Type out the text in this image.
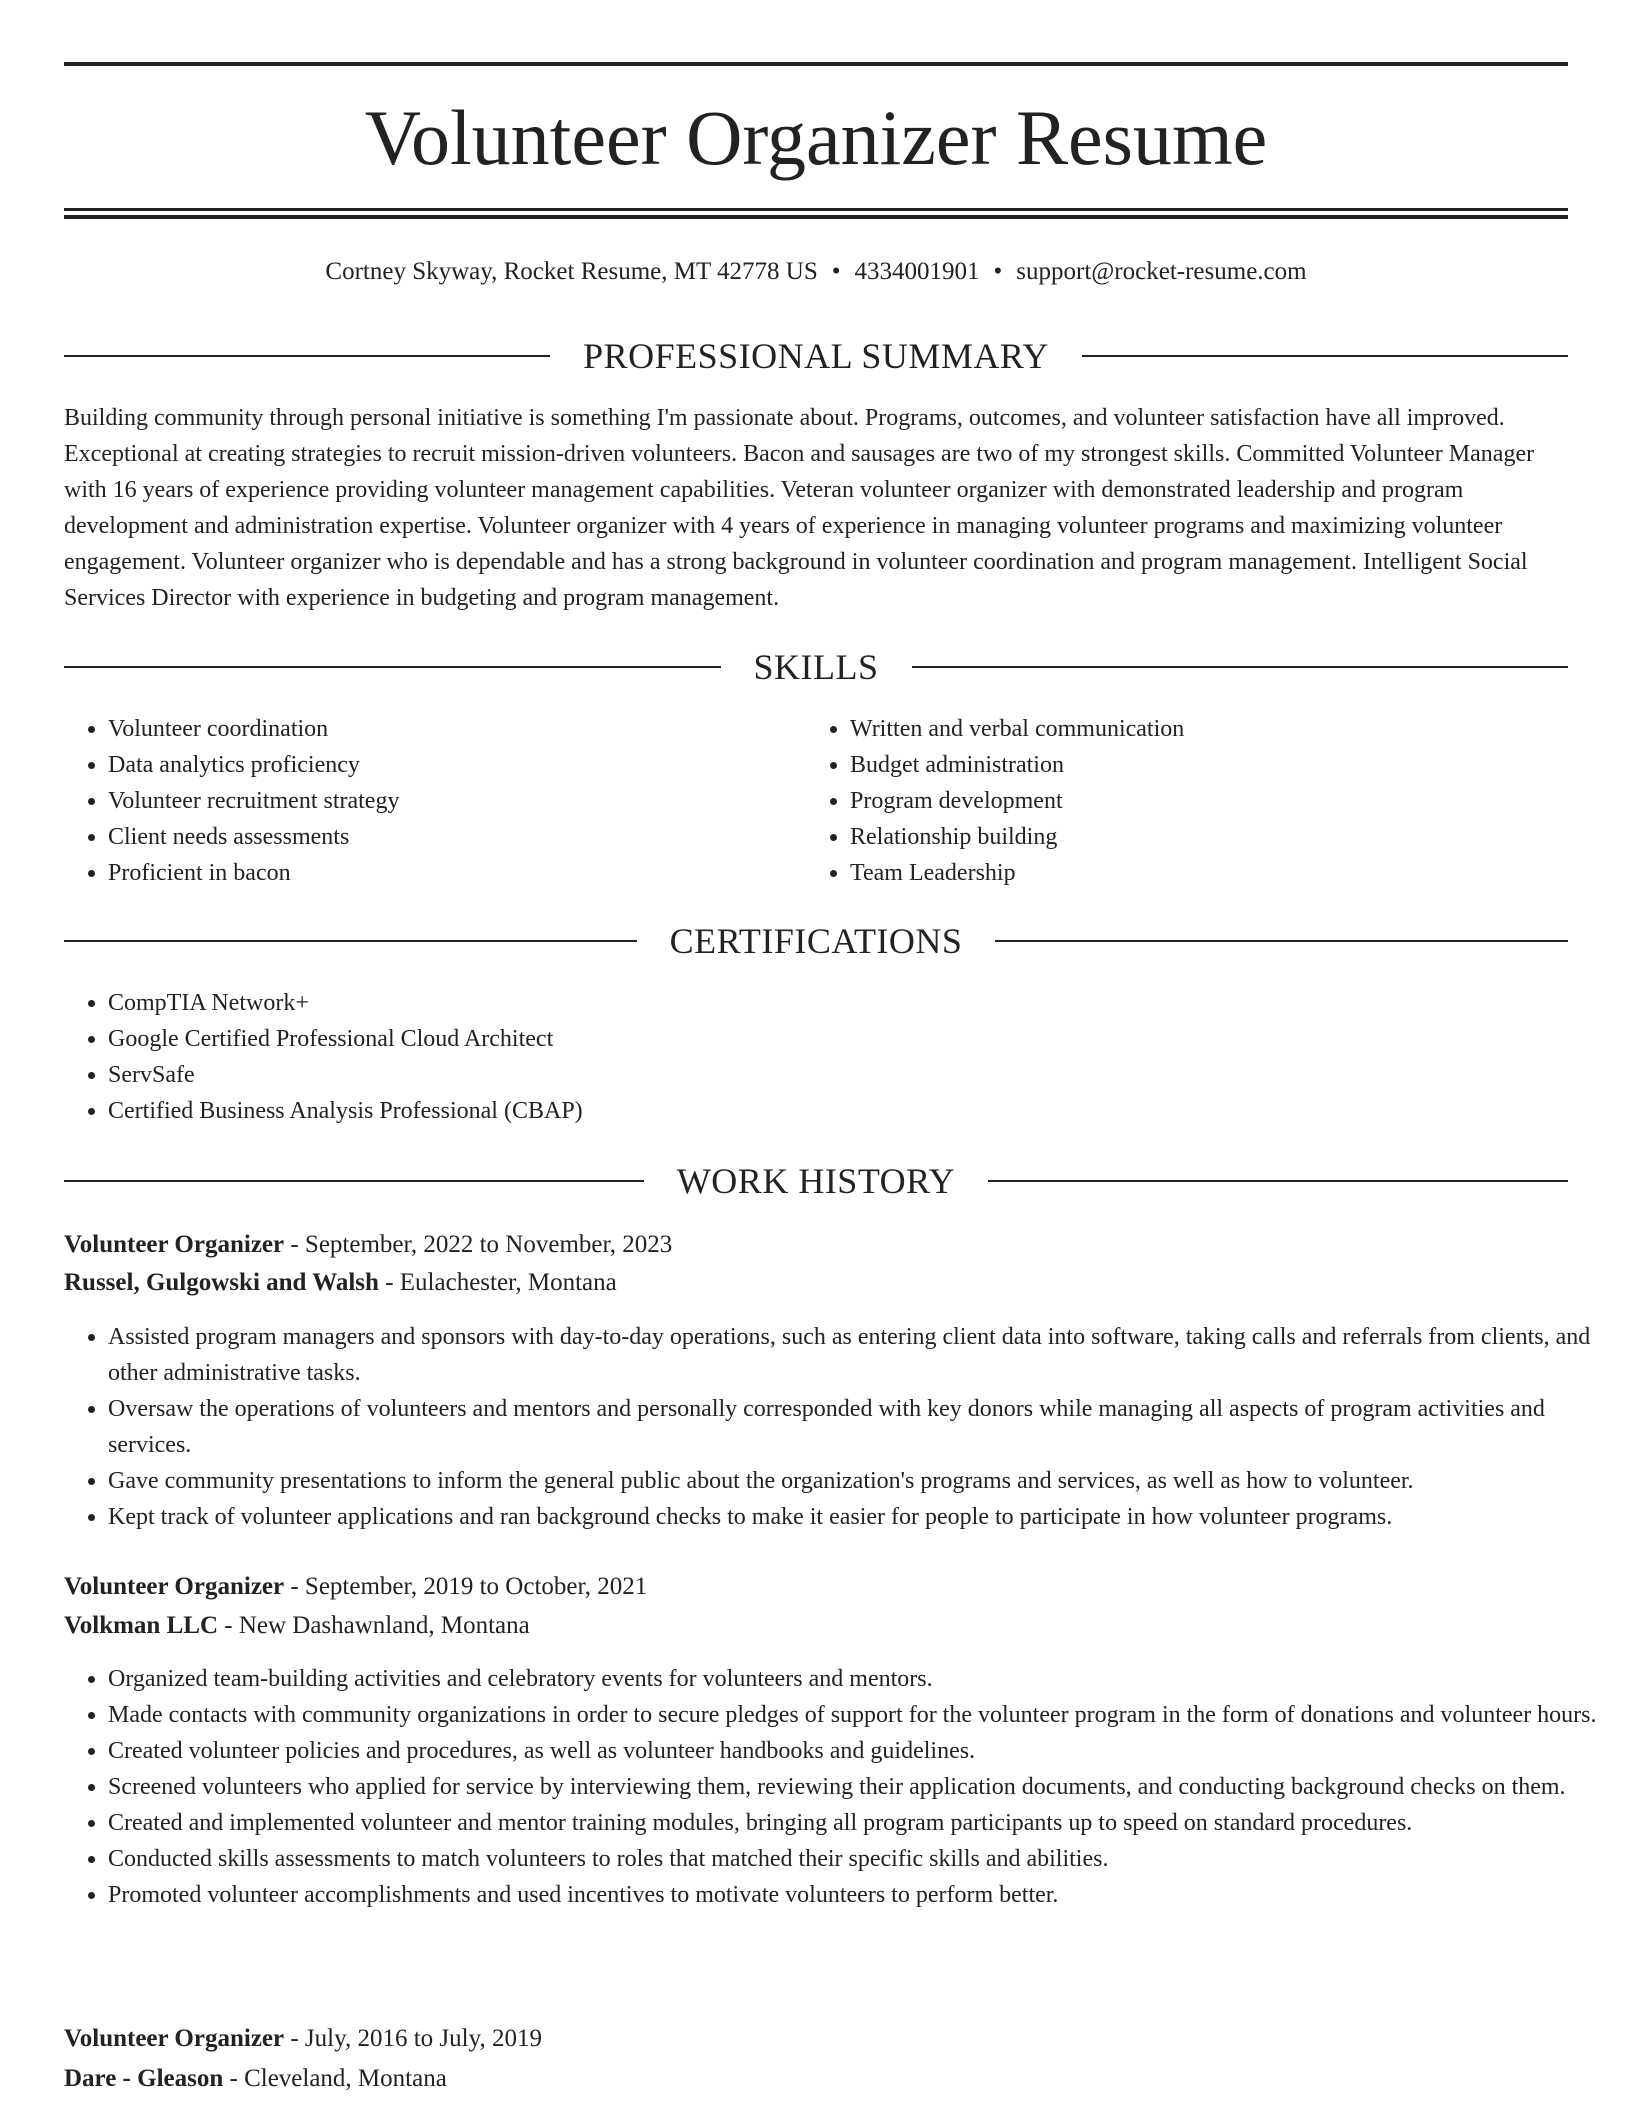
Volunteer Organizer Resume
Cortney Skyway, Rocket Resume, MT 42778 US • 4334001901 • support@rocket-resume.com
PROFESSIONAL SUMMARY

Building community through personal initiative is something I'm passionate about. Programs, outcomes, and volunteer satisfaction have all improved. Exceptional at creating strategies to recruit mission-driven volunteers. Bacon and sausages are two of my strongest skills. Committed Volunteer Manager with 16 years of experience providing volunteer management capabilities. Veteran volunteer organizer with demonstrated leadership and program development and administration expertise. Volunteer organizer with 4 years of experience in managing volunteer programs and maximizing volunteer engagement. Volunteer organizer who is dependable and has a strong background in volunteer coordination and program management. Intelligent Social Services Director with experience in budgeting and program management.

SKILLS
• Volunteer coordination
• Data analytics proficiency
• Volunteer recruitment strategy
• Client needs assessments
• Proficient in bacon
• Written and verbal communication
• Budget administration
• Program development
• Relationship building
• Team Leadership
CERTIFICATIONS
• CompTIA Network+
• Google Certified Professional Cloud Architect
• ServSafe
• Certified Business Analysis Professional (CBAP)
WORK HISTORY
Volunteer Organizer - September, 2022 to November, 2023
Russel, Gulgowski and Walsh - Eulachester, Montana
• Assisted program managers and sponsors with day-to-day operations, such as entering client data into software, taking calls and referrals from clients, and other administrative tasks.
• Oversaw the operations of volunteers and mentors and personally corresponded with key donors while managing all aspects of program activities and services.
• Gave community presentations to inform the general public about the organization's programs and services, as well as how to volunteer.
• Kept track of volunteer applications and ran background checks to make it easier for people to participate in how volunteer programs.
Volunteer Organizer - September, 2019 to October, 2021
Volkman LLC - New Dashawnland, Montana
• Organized team-building activities and celebratory events for volunteers and mentors.
• Made contacts with community organizations in order to secure pledges of support for the volunteer program in the form of donations and volunteer hours.
• Created volunteer policies and procedures, as well as volunteer handbooks and guidelines.
• Screened volunteers who applied for service by interviewing them, reviewing their application documents, and conducting background checks on them.
• Created and implemented volunteer and mentor training modules, bringing all program participants up to speed on standard procedures.
• Conducted skills assessments to match volunteers to roles that matched their specific skills and abilities.
• Promoted volunteer accomplishments and used incentives to motivate volunteers to perform better.
Volunteer Organizer - July, 2016 to July, 2019
Dare - Gleason - Cleveland, Montana
